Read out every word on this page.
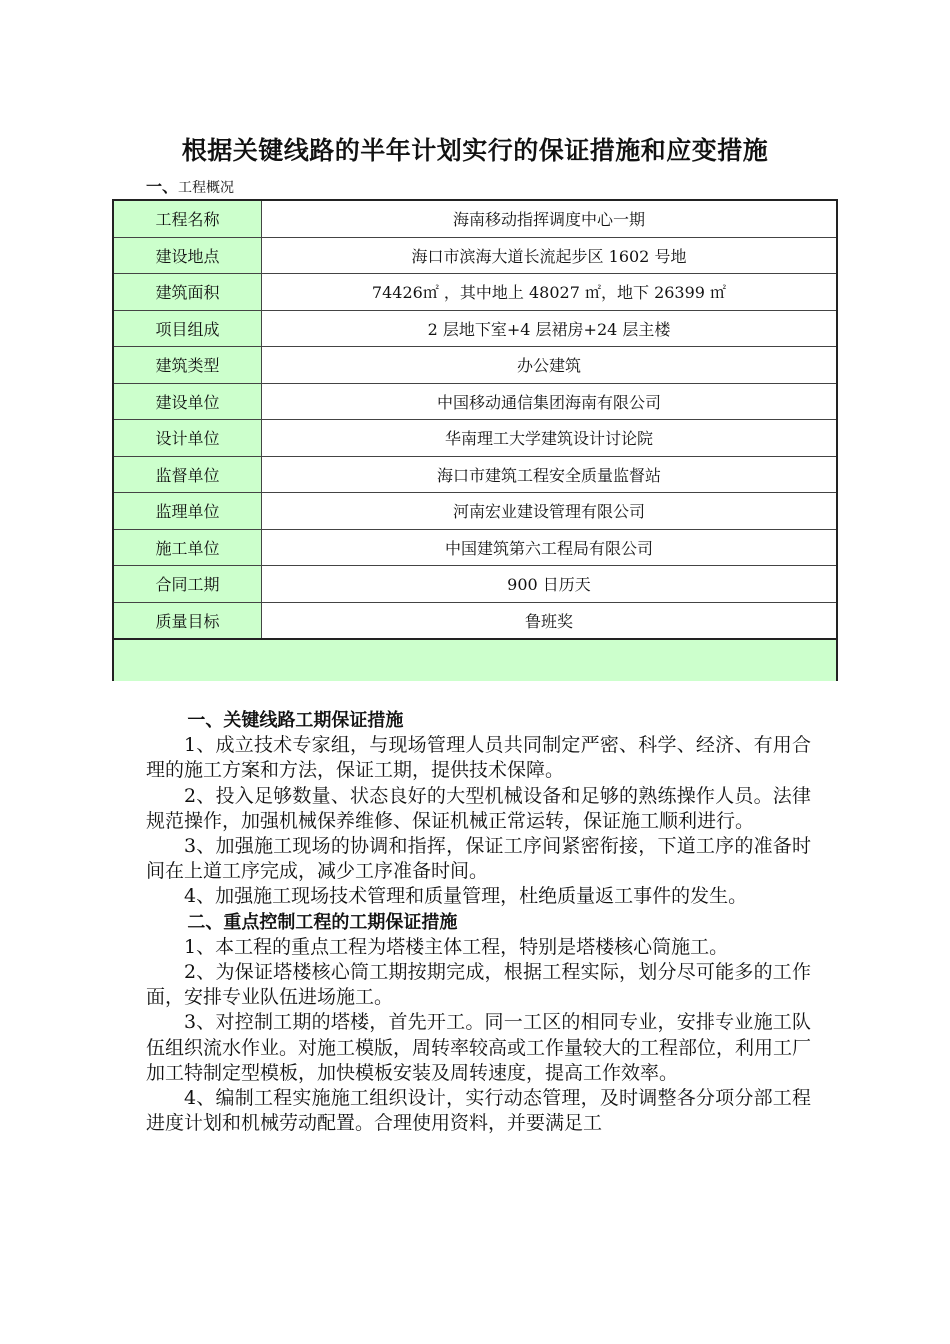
根据关键线路的半年计划实行的保证措施和应变措施
一、工程概况
工程名称	海南移动指挥调度中心一期
建设地点	海口市滨海大道长流起步区 1602 号地
建筑面积	74426㎡ ，其中地上 48027 ㎡，地下 26399 ㎡
项目组成	2 层地下室+4 层裙房+24 层主楼
建筑类型	办公建筑
建设单位	中国移动通信集团海南有限公司
设计单位	华南理工大学建筑设计讨论院
监督单位	海口市建筑工程安全质量监督站
监理单位	河南宏业建设管理有限公司
施工单位	中国建筑第六工程局有限公司
合同工期	900 日历天
质量目标	鲁班奖

一、关键线路工期保证措施

1、成立技术专家组，与现场管理人员共同制定严密、科学、经济、有用合理的施工方案和方法，保证工期，提供技术保障。

2、投入足够数量、状态良好的大型机械设备和足够的熟练操作人员。法律规范操作，加强机械保养维修、保证机械正常运转，保证施工顺利进行。

3、加强施工现场的协调和指挥，保证工序间紧密衔接，下道工序的准备时间在上道工序完成，减少工序准备时间。

4、加强施工现场技术管理和质量管理，杜绝质量返工事件的发生。

二、重点控制工程的工期保证措施

1、本工程的重点工程为塔楼主体工程，特别是塔楼核心筒施工。

2、为保证塔楼核心筒工期按期完成，根据工程实际，划分尽可能多的工作面，安排专业队伍进场施工。

3、对控制工期的塔楼，首先开工。同一工区的相同专业，安排专业施工队伍组织流水作业。对施工模版，周转率较高或工作量较大的工程部位，利用工厂加工特制定型模板，加快模板安装及周转速度，提高工作效率。

4、编制工程实施施工组织设计，实行动态管理，及时调整各分项分部工程进度计划和机械劳动配置。合理使用资料，并要满足工
